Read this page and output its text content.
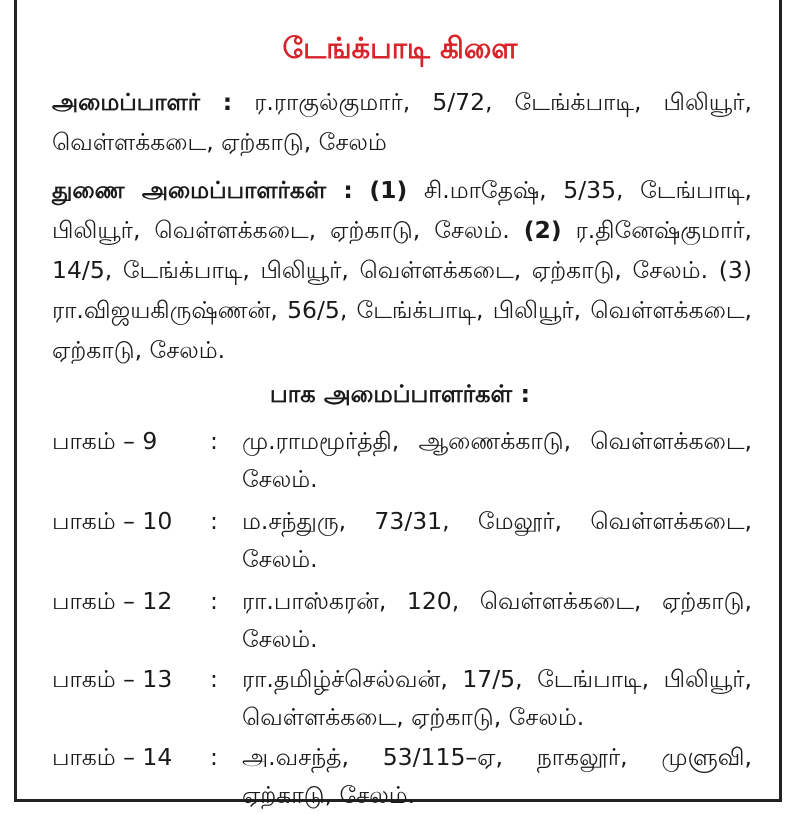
டேங்க்பாடி கிளை
அமைப்பாளர் : ர.ராகுல்குமார், 5/72, டேங்க்பாடி, பிலியூர், வெள்ளக்கடை, ஏற்காடு, சேலம்
துணை அமைப்பாளர்கள் : (1) சி.மாதேஷ், 5/35, டேங்பாடி, பிலியூர், வெள்ளக்கடை, ஏற்காடு, சேலம். (2) ர.தினேஷ்குமார், 14/5, டேங்க்பாடி, பிலியூர், வெள்ளக்கடை, ஏற்காடு, சேலம். (3) ரா.விஜயகிருஷ்ணன், 56/5, டேங்க்பாடி, பிலியூர், வெள்ளக்கடை, ஏற்காடு, சேலம்.
பாக அமைப்பாளர்கள் :
பாகம் – 9	:	மு.ராமமூர்த்தி, ஆணைக்காடு, வெள்ளக்கடை, சேலம்.
பாகம் – 10	:	ம.சந்துரு, 73/31, மேலூர், வெள்ளக்கடை, சேலம்.
பாகம் – 12	:	ரா.பாஸ்கரன், 120, வெள்ளக்கடை, ஏற்காடு, சேலம்.
பாகம் – 13	:	ரா.தமிழ்ச்செல்வன், 17/5, டேங்பாடி, பிலியூர், வெள்ளக்கடை, ஏற்காடு, சேலம்.
பாகம் – 14	:	அ.வசந்த், 53/115–ஏ, நாகலூர், முளுவி, ஏற்காடு, சேலம்.
